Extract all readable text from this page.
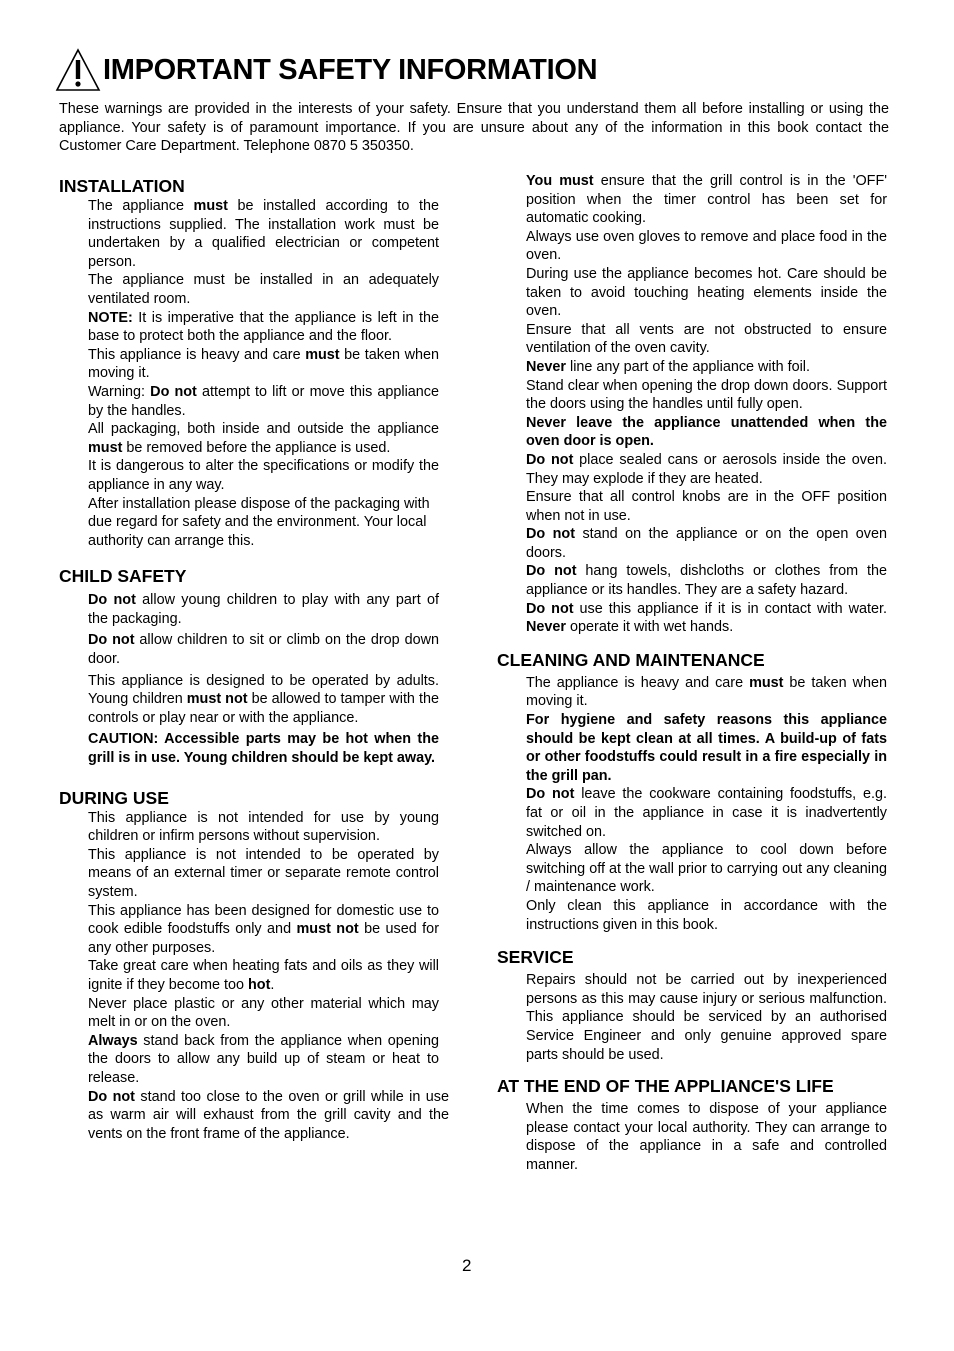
IMPORTANT SAFETY INFORMATION

These warnings are provided in the interests of your safety. Ensure that you understand them all before installing or using the appliance. Your safety is of paramount importance. If you are unsure about any of the information in this book contact the Customer Care Department. Telephone 0870 5 350350.

INSTALLATION

The appliance must be installed according to the instructions supplied. The installation work must be undertaken by a qualified electrician or competent person.

The appliance must be installed in an adequately ventilated room.

NOTE: It is imperative that the appliance is left in the base to protect both the appliance and the floor.

This appliance is heavy and care must be taken when moving it.

Warning: Do not attempt to lift or move this appliance by the handles.

All packaging, both inside and outside the appliance must be removed before the appliance is used.

It is dangerous to alter the specifications or modify the appliance in any way.

After installation please dispose of the packaging with due regard for safety and the environment. Your local authority can arrange this.

CHILD SAFETY

Do not allow young children to play with any part of the packaging.

Do not allow children to sit or climb on the drop down door.

This appliance is designed to be operated by adults. Young children must not be allowed to tamper with the controls or play near or with the appliance.

CAUTION: Accessible parts may be hot when the grill is in use. Young children should be kept away.

DURING USE

This appliance is not intended for use by young children or infirm persons without supervision.

This appliance is not intended to be operated by means of an external timer or separate remote control system.

This appliance has been designed for domestic use to cook edible foodstuffs only and must not be used for any other purposes.

Take great care when heating fats and oils as they will ignite if they become too hot.

Never place plastic or any other material which may melt in or on the oven.

Always stand back from the appliance when opening the doors to allow any build up of steam or heat to release.

Do not stand too close to the oven or grill while in use as warm air will exhaust from the grill cavity and the vents on the front frame of the appliance.

You must ensure that the grill control is in the 'OFF' position when the timer control has been set for automatic cooking.

Always use oven gloves to remove and place food in the oven.

During use the appliance becomes hot. Care should be taken to avoid touching heating elements inside the oven.

Ensure that all vents are not obstructed to ensure ventilation of the oven cavity.

Never line any part of the appliance with foil.

Stand clear when opening the drop down doors. Support the doors using the handles until fully open.

Never leave the appliance unattended when the oven door is open.

Do not place sealed cans or aerosols inside the oven. They may explode if they are heated.

Ensure that all control knobs are in the OFF position when not in use.

Do not stand on the appliance or on the open oven doors.

Do not hang towels, dishcloths or clothes from the appliance or its handles. They are a safety hazard.

Do not use this appliance if it is in contact with water. Never operate it with wet hands.

CLEANING AND MAINTENANCE

The appliance is heavy and care must be taken when moving it.

For hygiene and safety reasons this appliance should be kept clean at all times. A build-up of fats or other foodstuffs could result in a fire especially in the grill pan.

Do not leave the cookware containing foodstuffs, e.g. fat or oil in the appliance in case it is inadvertently switched on.

Always allow the appliance to cool down before switching off at the wall prior to carrying out any cleaning / maintenance work.

Only clean this appliance in accordance with the instructions given in this book.

SERVICE

Repairs should not be carried out by inexperienced persons as this may cause injury or serious malfunction. This appliance should be serviced by an authorised Service Engineer and only genuine approved spare parts should be used.

AT THE END OF THE APPLIANCE'S LIFE

When the time comes to dispose of your appliance please contact your local authority. They can arrange to dispose of the appliance in a safe and controlled manner.

2
